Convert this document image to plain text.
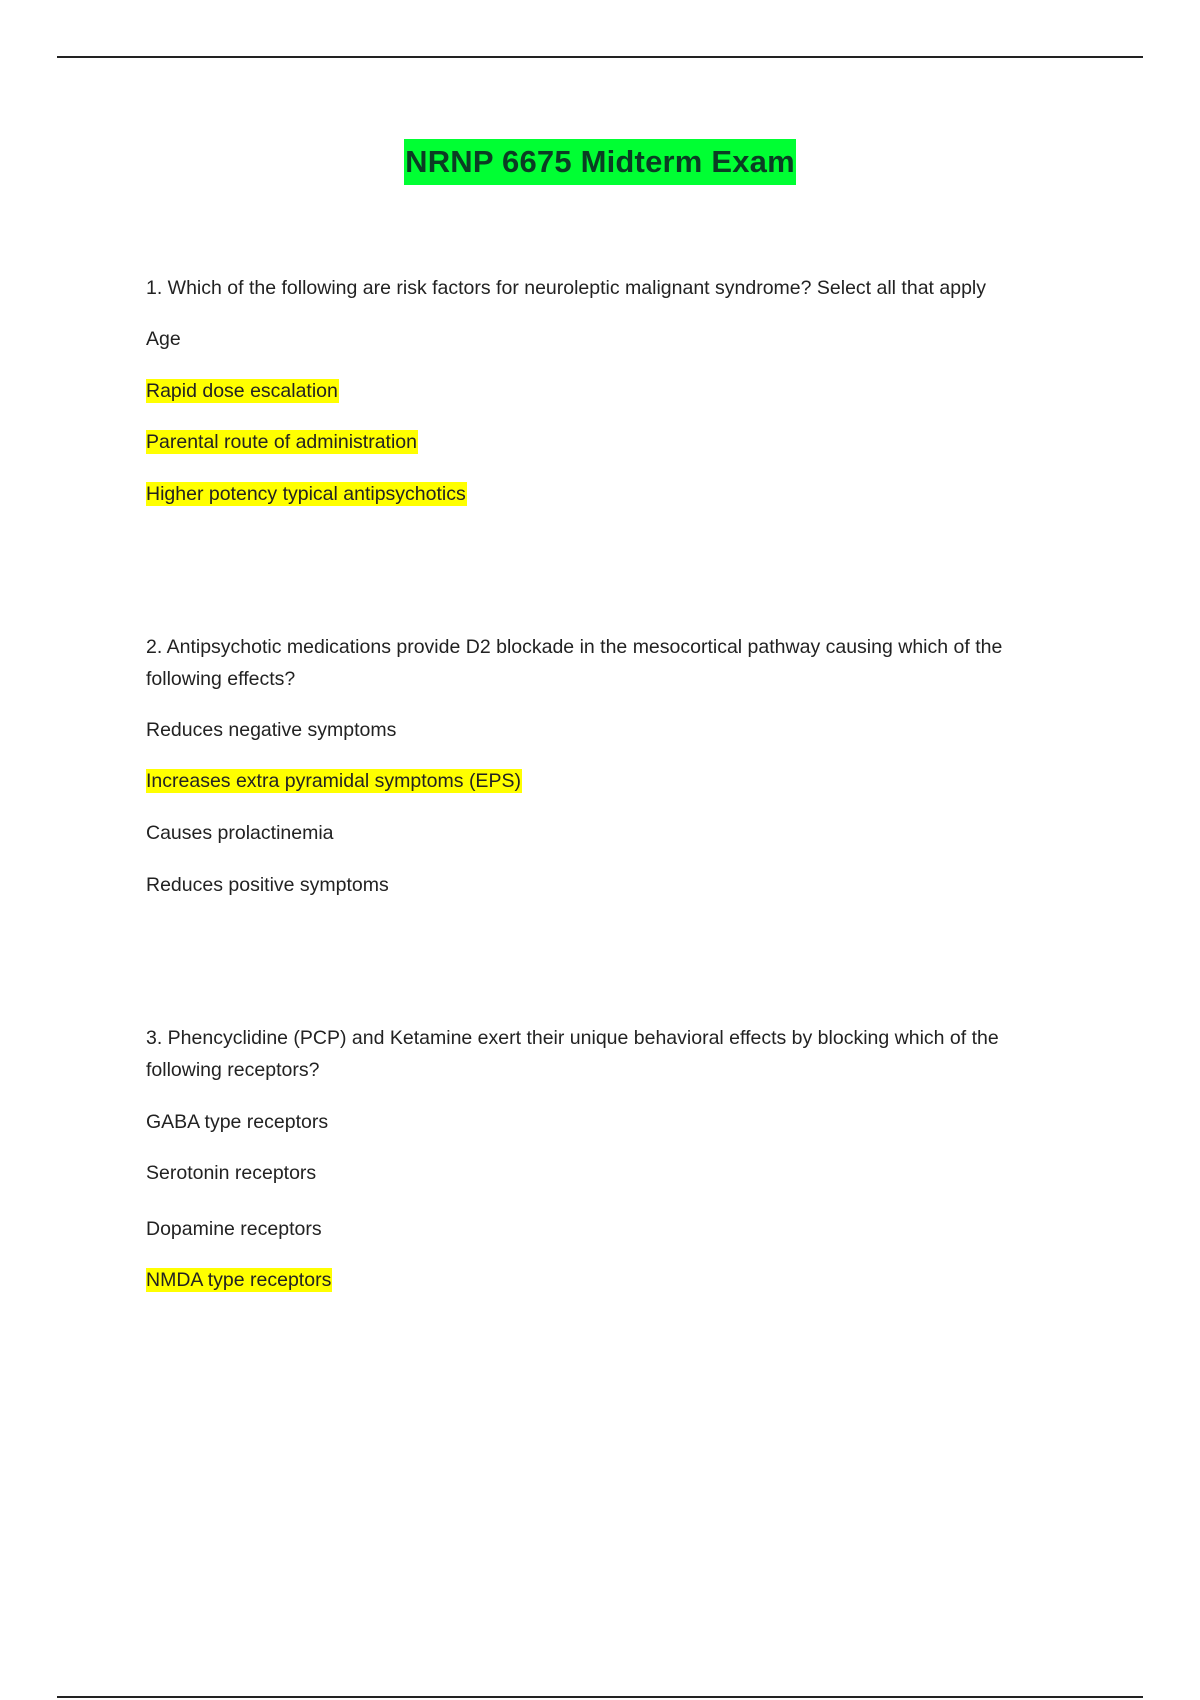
NRNP 6675 Midterm Exam
1. Which of the following are risk factors for neuroleptic malignant syndrome? Select all that apply
Age
Rapid dose escalation
Parental route of administration
Higher potency typical antipsychotics
2. Antipsychotic medications provide D2 blockade in the mesocortical pathway causing which of the
following effects?
Reduces negative symptoms
Increases extra pyramidal symptoms (EPS)
Causes prolactinemia
Reduces positive symptoms
3. Phencyclidine (PCP) and Ketamine exert their unique behavioral effects by blocking which of the
following receptors?
GABA type receptors
Serotonin receptors
Dopamine receptors
NMDA type receptors
